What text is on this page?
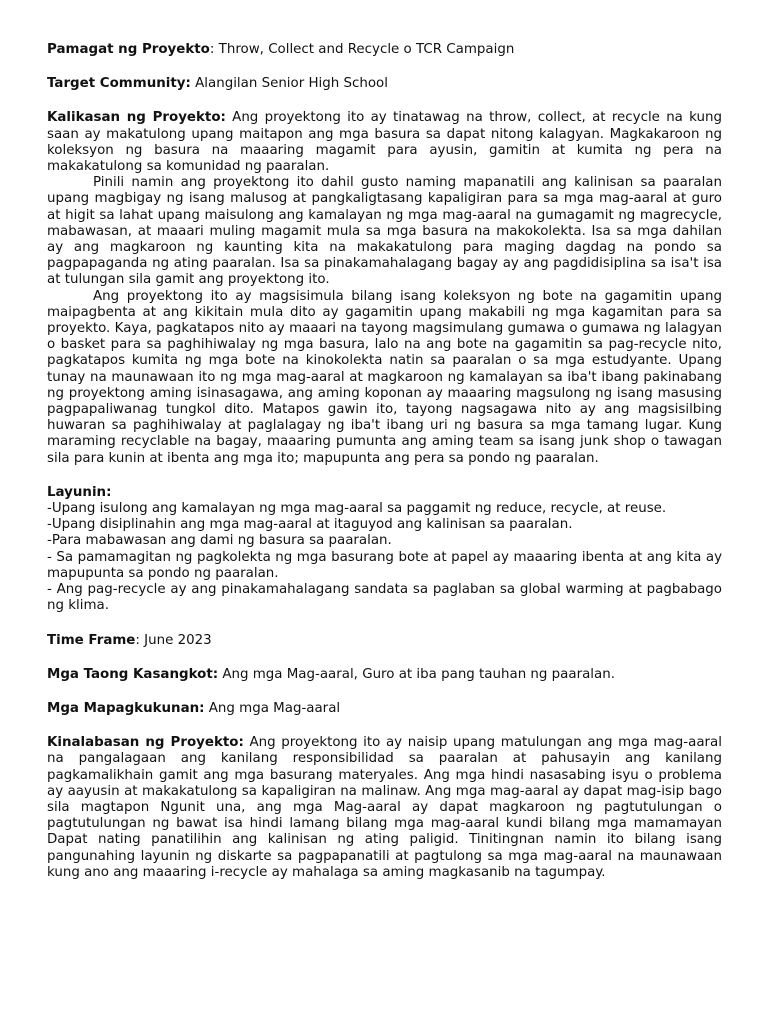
Pamagat ng Proyekto: Throw, Collect and Recycle o TCR Campaign

Target Community: Alangilan Senior High School

Kalikasan ng Proyekto: Ang proyektong ito ay tinatawag na throw, collect, at recycle na kung saan ay makatulong upang maitapon ang mga basura sa dapat nitong kalagyan. Magkakaroon ng koleksyon ng basura na maaaring magamit para ayusin, gamitin at kumita ng pera na makakatulong sa komunidad ng paaralan.

Pinili namin ang proyektong ito dahil gusto naming mapanatili ang kalinisan sa paaralan upang magbigay ng isang malusog at pangkaligtasang kapaligiran para sa mga mag-aaral at guro at higit sa lahat upang maisulong ang kamalayan ng mga mag-aaral na gumagamit ng magrecycle, mabawasan, at maaari muling magamit mula sa mga basura na makokolekta. Isa sa mga dahilan ay ang magkaroon ng kaunting kita na makakatulong para maging dagdag na pondo sa pagpapaganda ng ating paaralan. Isa sa pinakamahalagang bagay ay ang pagdidisiplina sa isa't isa at tulungan sila gamit ang proyektong ito.

Ang proyektong ito ay magsisimula bilang isang koleksyon ng bote na gagamitin upang maipagbenta at ang kikitain mula dito ay gagamitin upang makabili ng mga kagamitan para sa proyekto. Kaya, pagkatapos nito ay maaari na tayong magsimulang gumawa o gumawa ng lalagyan o basket para sa paghihiwalay ng mga basura, lalo na ang bote na gagamitin sa pag-recycle nito, pagkatapos kumita ng mga bote na kinokolekta natin sa paaralan o sa mga estudyante. Upang tunay na maunawaan ito ng mga mag-aaral at magkaroon ng kamalayan sa iba't ibang pakinabang ng proyektong aming isinasagawa, ang aming koponan ay maaaring magsulong ng isang masusing pagpapaliwanag tungkol dito. Matapos gawin ito, tayong nagsagawa nito ay ang magsisilbing huwaran sa paghihiwalay at paglalagay ng iba't ibang uri ng basura sa mga tamang lugar. Kung maraming recyclable na bagay, maaaring pumunta ang aming team sa isang junk shop o tawagan sila para kunin at ibenta ang mga ito; mapupunta ang pera sa pondo ng paaralan.

Layunin:

-Upang isulong ang kamalayan ng mga mag-aaral sa paggamit ng reduce, recycle, at reuse.

-Upang disiplinahin ang mga mag-aaral at itaguyod ang kalinisan sa paaralan.

-Para mabawasan ang dami ng basura sa paaralan.

- Sa pamamagitan ng pagkolekta ng mga basurang bote at papel ay maaaring ibenta at ang kita ay mapupunta sa pondo ng paaralan.

- Ang pag-recycle ay ang pinakamahalagang sandata sa paglaban sa global warming at pagbabago ng klima.

Time Frame: June 2023

Mga Taong Kasangkot: Ang mga Mag-aaral, Guro at iba pang tauhan ng paaralan.

Mga Mapagkukunan: Ang mga Mag-aaral

Kinalabasan ng Proyekto: Ang proyektong ito ay naisip upang matulungan ang mga mag-aaral na pangalagaan ang kanilang responsibilidad sa paaralan at pahusayin ang kanilang pagkamalikhain gamit ang mga basurang materyales. Ang mga hindi nasasabing isyu o problema ay aayusin at makakatulong sa kapaligiran na malinaw. Ang mga mag-aaral ay dapat mag-isip bago sila magtapon Ngunit una, ang mga Mag-aaral ay dapat magkaroon ng pagtutulungan o pagtutulungan ng bawat isa hindi lamang bilang mga mag-aaral kundi bilang mga mamamayan Dapat nating panatilihin ang kalinisan ng ating paligid. Tinitingnan namin ito bilang isang pangunahing layunin ng diskarte sa pagpapanatili at pagtulong sa mga mag-aaral na maunawaan kung ano ang maaaring i-recycle ay mahalaga sa aming magkasanib na tagumpay.
